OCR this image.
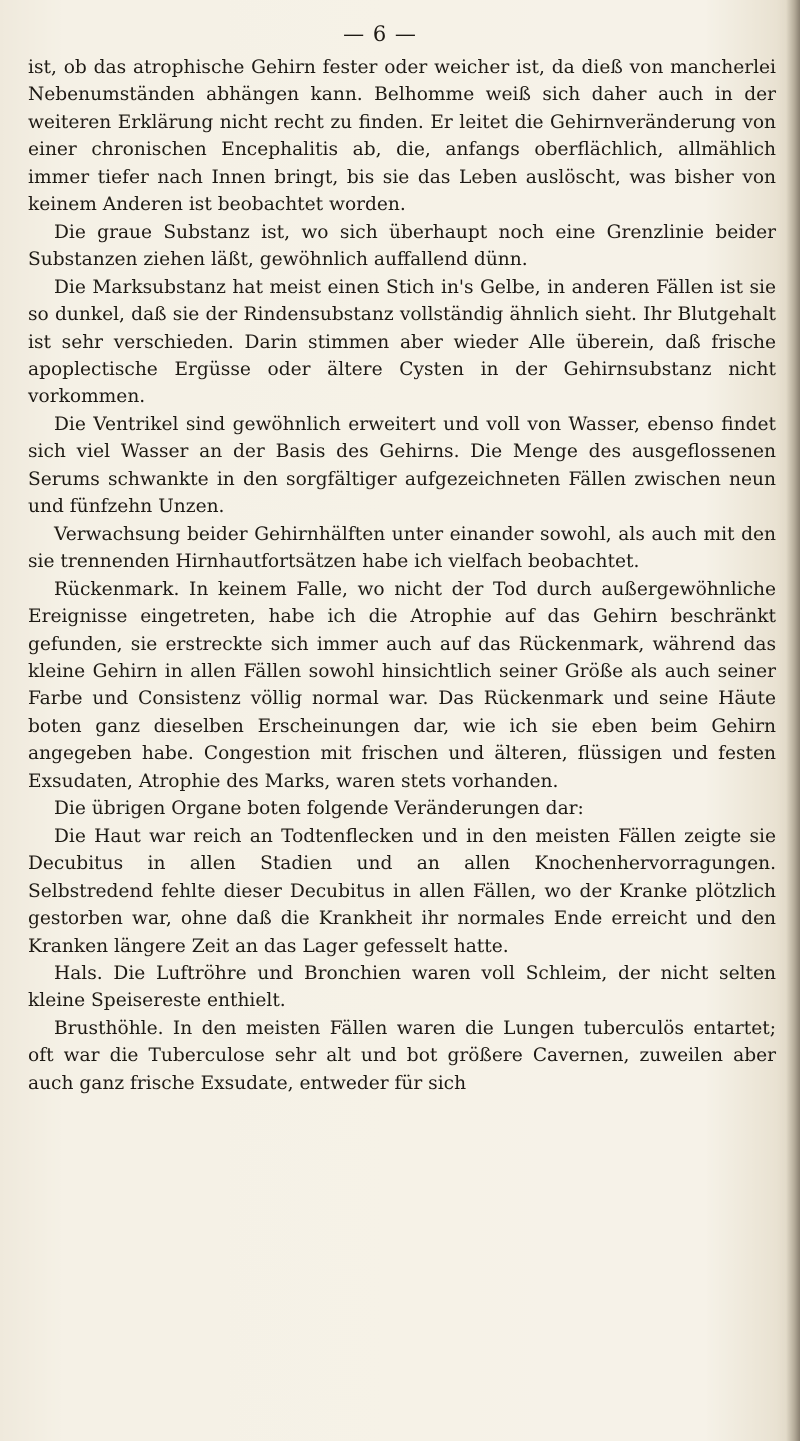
— 6 —

ist, ob das atrophische Gehirn fester oder weicher ist, da dieß von mancherlei Nebenumständen abhängen kann. Belhomme weiß sich daher auch in der weiteren Erklärung nicht recht zu finden. Er leitet die Gehirnveränderung von einer chronischen Encephalitis ab, die, anfangs oberflächlich, allmählich immer tiefer nach Innen bringt, bis sie das Leben auslöscht, was bisher von keinem Anderen ist beobachtet worden.

Die graue Substanz ist, wo sich überhaupt noch eine Grenzlinie beider Substanzen ziehen läßt, gewöhnlich auffallend dünn.

Die Marksubstanz hat meist einen Stich in's Gelbe, in anderen Fällen ist sie so dunkel, daß sie der Rindensubstanz vollständig ähnlich sieht. Ihr Blutgehalt ist sehr verschieden. Darin stimmen aber wieder Alle überein, daß frische apoplectische Ergüsse oder ältere Cysten in der Gehirnsubstanz nicht vorkommen.

Die Ventrikel sind gewöhnlich erweitert und voll von Wasser, ebenso findet sich viel Wasser an der Basis des Gehirns. Die Menge des ausgeflossenen Serums schwankte in den sorgfältiger aufgezeichneten Fällen zwischen neun und fünfzehn Unzen.

Verwachsung beider Gehirnhälften unter einander sowohl, als auch mit den sie trennenden Hirnhautfortsätzen habe ich vielfach beobachtet.

Rückenmark. In keinem Falle, wo nicht der Tod durch außergewöhnliche Ereignisse eingetreten, habe ich die Atrophie auf das Gehirn beschränkt gefunden, sie erstreckte sich immer auch auf das Rückenmark, während das kleine Gehirn in allen Fällen sowohl hinsichtlich seiner Größe als auch seiner Farbe und Consistenz völlig normal war. Das Rückenmark und seine Häute boten ganz dieselben Erscheinungen dar, wie ich sie eben beim Gehirn angegeben habe. Congestion mit frischen und älteren, flüssigen und festen Exsudaten, Atrophie des Marks, waren stets vorhanden.

Die übrigen Organe boten folgende Veränderungen dar:

Die Haut war reich an Todtenflecken und in den meisten Fällen zeigte sie Decubitus in allen Stadien und an allen Knochenhervorragungen. Selbstredend fehlte dieser Decubitus in allen Fällen, wo der Kranke plötzlich gestorben war, ohne daß die Krankheit ihr normales Ende erreicht und den Kranken längere Zeit an das Lager gefesselt hatte.

Hals. Die Luftröhre und Bronchien waren voll Schleim, der nicht selten kleine Speiserestе enthielt.

Brusthöhle. In den meisten Fällen waren die Lungen tuberculös entartet; oft war die Tuberculose sehr alt und bot größere Cavernen, zuweilen aber auch ganz frische Exsudate, entweder für sich
